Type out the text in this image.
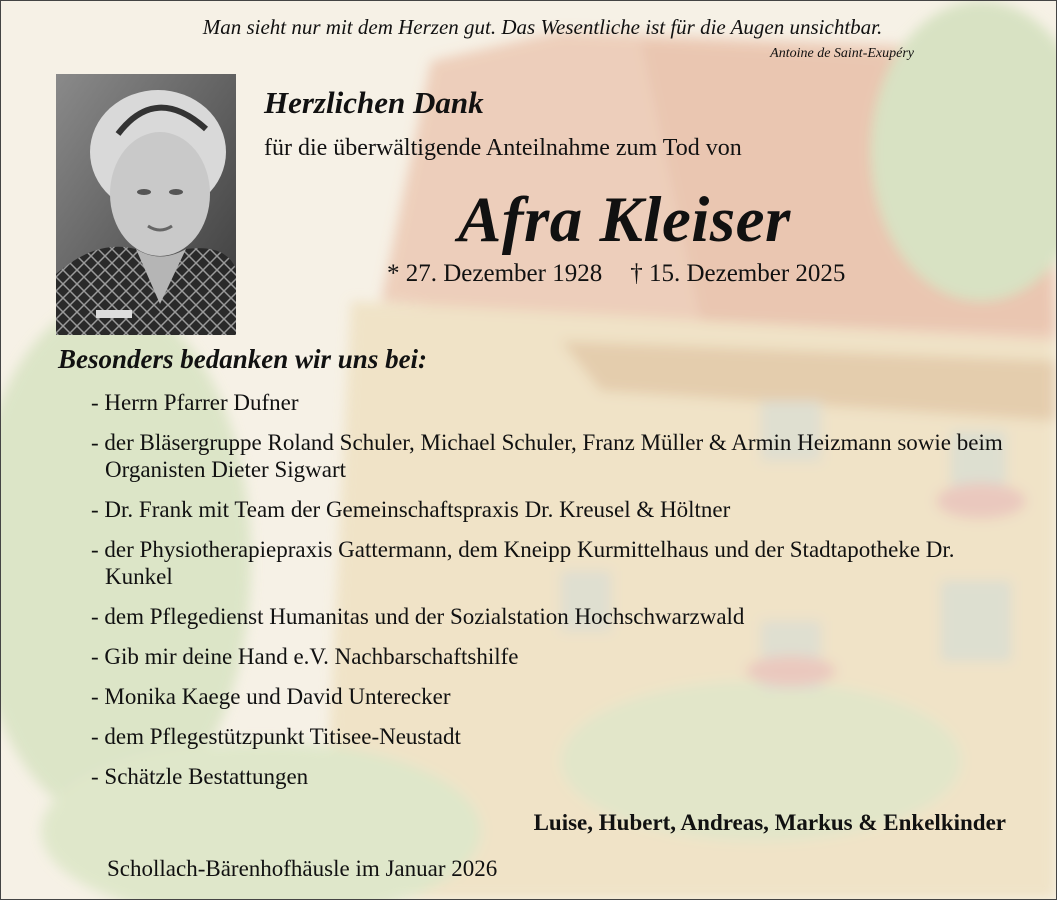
Man sieht nur mit dem Herzen gut. Das Wesentliche ist für die Augen unsichtbar.
Antoine de Saint-Exupéry
Herzlichen Dank
für die überwältigende Anteilnahme zum Tod von
Afra Kleiser
* 27. Dezember 1928 † 15. Dezember 2025
Besonders bedanken wir uns bei:
- Herrn Pfarrer Dufner
- der Bläsergruppe Roland Schuler, Michael Schuler, Franz Müller & Armin Heizmann sowie beim Organisten Dieter Sigwart
- Dr. Frank mit Team der Gemeinschaftspraxis Dr. Kreusel & Höltner
- der Physiotherapiepraxis Gattermann, dem Kneipp Kurmittelhaus und der Stadtapotheke Dr. Kunkel
- dem Pflegedienst Humanitas und der Sozialstation Hochschwarzwald
- Gib mir deine Hand e.V. Nachbarschaftshilfe
- Monika Kaege und David Unterecker
- dem Pflegestützpunkt Titisee-Neustadt
- Schätzle Bestattungen
Luise, Hubert, Andreas, Markus & Enkelkinder
Schollach-Bärenhofhäusle im Januar 2026
